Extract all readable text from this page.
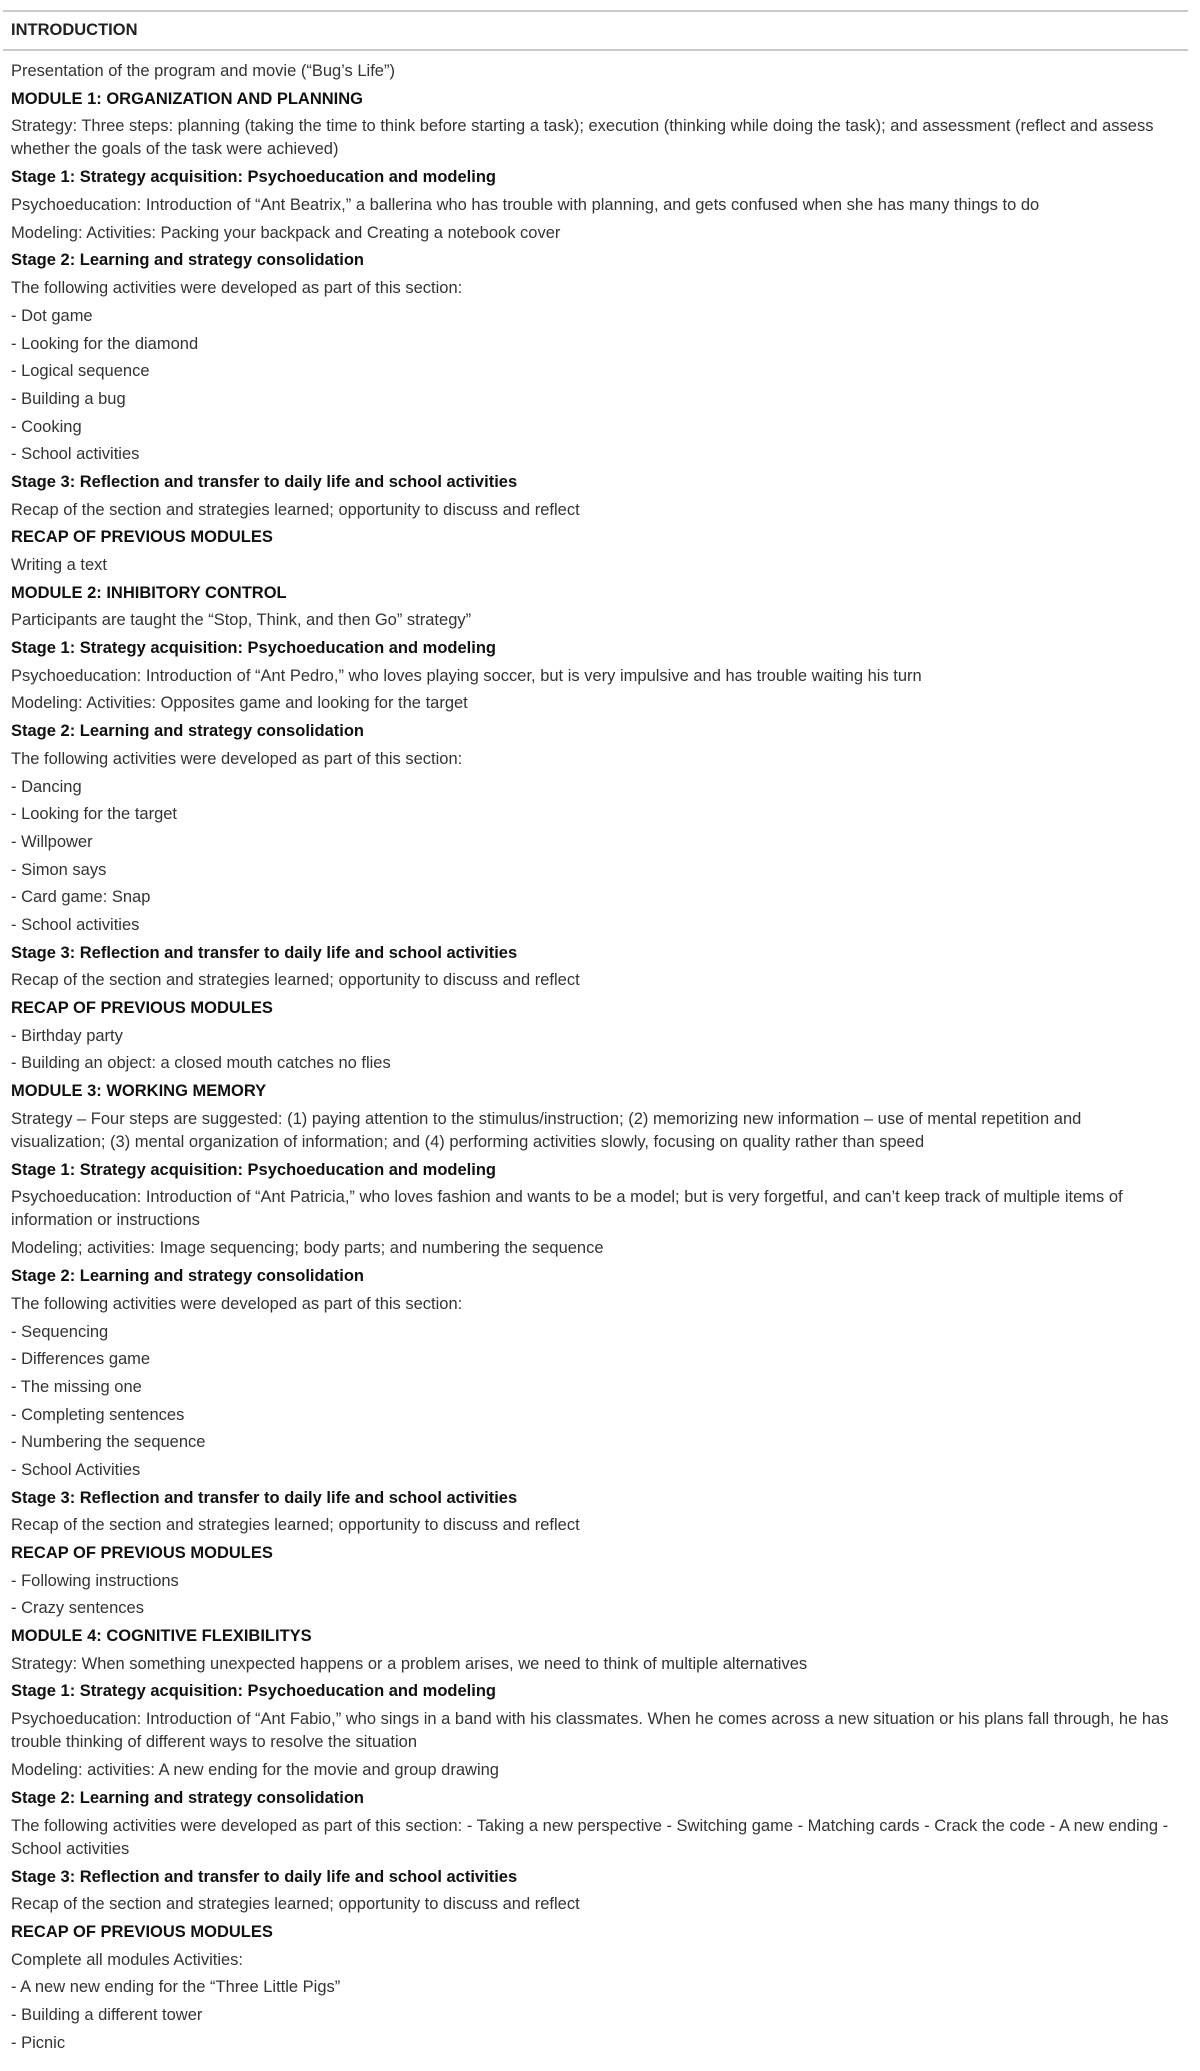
INTRODUCTION
Presentation of the program and movie (“Bug’s Life”)
MODULE 1: ORGANIZATION AND PLANNING
Strategy: Three steps: planning (taking the time to think before starting a task); execution (thinking while doing the task); and assessment (reflect and assess whether the goals of the task were achieved)
Stage 1: Strategy acquisition: Psychoeducation and modeling
Psychoeducation: Introduction of “Ant Beatrix,” a ballerina who has trouble with planning, and gets confused when she has many things to do
Modeling: Activities: Packing your backpack and Creating a notebook cover
Stage 2: Learning and strategy consolidation
The following activities were developed as part of this section:
- Dot game
- Looking for the diamond
- Logical sequence
- Building a bug
- Cooking
- School activities
Stage 3: Reflection and transfer to daily life and school activities
Recap of the section and strategies learned; opportunity to discuss and reflect
RECAP OF PREVIOUS MODULES
Writing a text
MODULE 2: INHIBITORY CONTROL
Participants are taught the “Stop, Think, and then Go” strategy”
Stage 1: Strategy acquisition: Psychoeducation and modeling
Psychoeducation: Introduction of “Ant Pedro,” who loves playing soccer, but is very impulsive and has trouble waiting his turn
Modeling: Activities: Opposites game and looking for the target
Stage 2: Learning and strategy consolidation
The following activities were developed as part of this section:
- Dancing
- Looking for the target
- Willpower
- Simon says
- Card game: Snap
- School activities
Stage 3: Reflection and transfer to daily life and school activities
Recap of the section and strategies learned; opportunity to discuss and reflect
RECAP OF PREVIOUS MODULES
- Birthday party
- Building an object: a closed mouth catches no flies
MODULE 3: WORKING MEMORY
Strategy – Four steps are suggested: (1) paying attention to the stimulus/instruction; (2) memorizing new information – use of mental repetition and visualization; (3) mental organization of information; and (4) performing activities slowly, focusing on quality rather than speed
Stage 1: Strategy acquisition: Psychoeducation and modeling
Psychoeducation: Introduction of “Ant Patricia,” who loves fashion and wants to be a model; but is very forgetful, and can’t keep track of multiple items of information or instructions
Modeling; activities: Image sequencing; body parts; and numbering the sequence
Stage 2: Learning and strategy consolidation
The following activities were developed as part of this section:
- Sequencing
- Differences game
- The missing one
- Completing sentences
- Numbering the sequence
- School Activities
Stage 3: Reflection and transfer to daily life and school activities
Recap of the section and strategies learned; opportunity to discuss and reflect
RECAP OF PREVIOUS MODULES
- Following instructions
- Crazy sentences
MODULE 4: COGNITIVE FLEXIBILITYS
Strategy: When something unexpected happens or a problem arises, we need to think of multiple alternatives
Stage 1: Strategy acquisition: Psychoeducation and modeling
Psychoeducation: Introduction of “Ant Fabio,” who sings in a band with his classmates. When he comes across a new situation or his plans fall through, he has trouble thinking of different ways to resolve the situation
Modeling: activities: A new ending for the movie and group drawing
Stage 2: Learning and strategy consolidation
The following activities were developed as part of this section: - Taking a new perspective - Switching game - Matching cards - Crack the code - A new ending - School activities
Stage 3: Reflection and transfer to daily life and school activities
Recap of the section and strategies learned; opportunity to discuss and reflect
RECAP OF PREVIOUS MODULES
Complete all modules Activities:
- A new new ending for the “Three Little Pigs”
- Building a different tower
- Picnic
